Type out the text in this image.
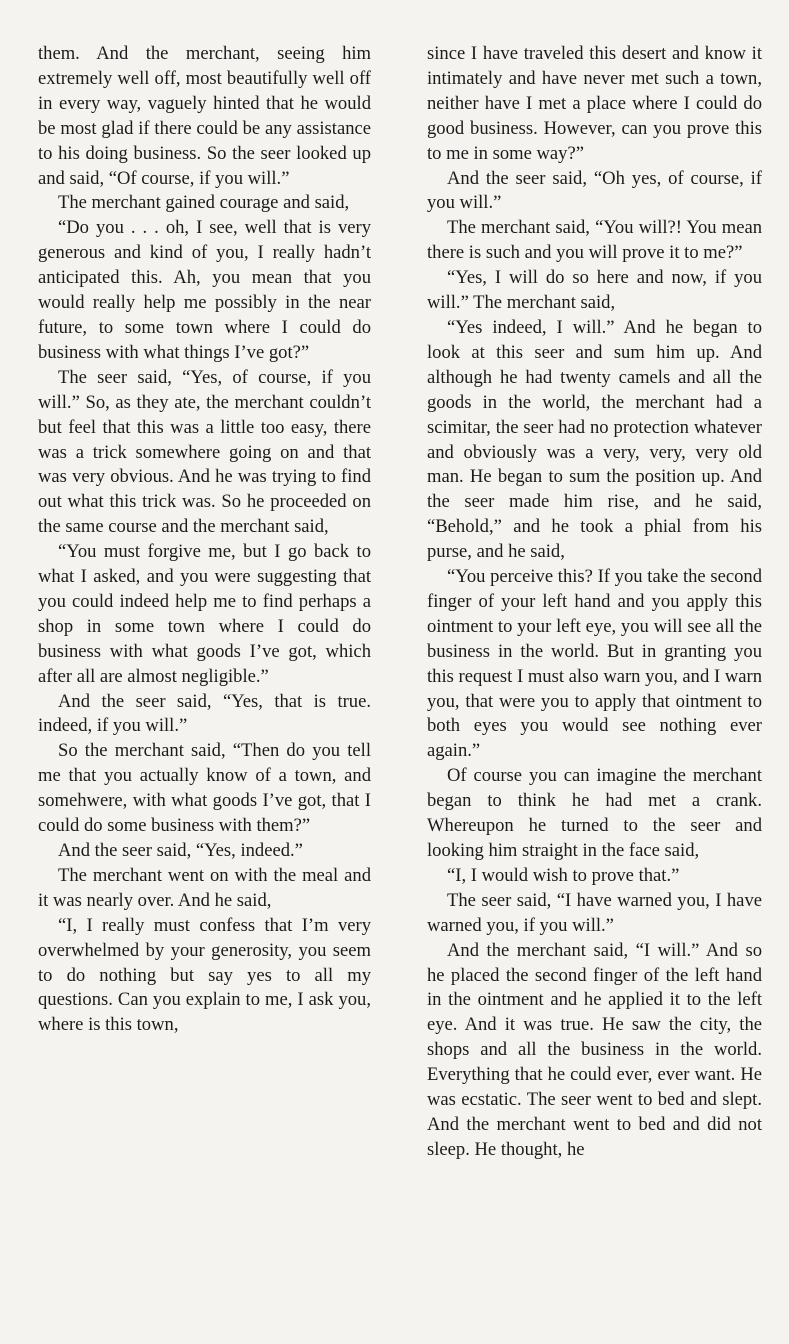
them. And the merchant, seeing him extremely well off, most beautifully well off in every way, vaguely hinted that he would be most glad if there could be any assistance to his doing business. So the seer looked up and said, “Of course, if you will.”

The merchant gained courage and said,

“Do you . . . oh, I see, well that is very generous and kind of you, I really hadn’t anticipated this. Ah, you mean that you would really help me possibly in the near future, to some town where I could do business with what things I’ve got?”

The seer said, “Yes, of course, if you will.” So, as they ate, the merchant couldn’t but feel that this was a little too easy, there was a trick somewhere going on and that was very obvious. And he was trying to find out what this trick was. So he proceeded on the same course and the merchant said,

“You must forgive me, but I go back to what I asked, and you were suggesting that you could indeed help me to find perhaps a shop in some town where I could do business with what goods I’ve got, which after all are almost negligible.”

And the seer said, “Yes, that is true. indeed, if you will.”

So the merchant said, “Then do you tell me that you actually know of a town, and somehwere, with what goods I’ve got, that I could do some business with them?”

And the seer said, “Yes, indeed.”

The merchant went on with the meal and it was nearly over. And he said,

“I, I really must confess that I’m very overwhelmed by your generosity, you seem to do nothing but say yes to all my questions. Can you explain to me, I ask you, where is this town,

since I have traveled this desert and know it intimately and have never met such a town, neither have I met a place where I could do good business. However, can you prove this to me in some way?”

And the seer said, “Oh yes, of course, if you will.”

The merchant said, “You will?! You mean there is such and you will prove it to me?”

“Yes, I will do so here and now, if you will.” The merchant said,

“Yes indeed, I will.” And he began to look at this seer and sum him up. And although he had twenty camels and all the goods in the world, the merchant had a scimitar, the seer had no protection whatever and obviously was a very, very, very old man. He began to sum the position up. And the seer made him rise, and he said, “Behold,” and he took a phial from his purse, and he said,

“You perceive this? If you take the second finger of your left hand and you apply this ointment to your left eye, you will see all the business in the world. But in granting you this request I must also warn you, and I warn you, that were you to apply that ointment to both eyes you would see nothing ever again.”

Of course you can imagine the merchant began to think he had met a crank. Whereupon he turned to the seer and looking him straight in the face said,

“I, I would wish to prove that.”

The seer said, “I have warned you, I have warned you, if you will.”

And the merchant said, “I will.” And so he placed the second finger of the left hand in the ointment and he applied it to the left eye. And it was true. He saw the city, the shops and all the business in the world. Everything that he could ever, ever want. He was ecstatic. The seer went to bed and slept. And the merchant went to bed and did not sleep. He thought, he
